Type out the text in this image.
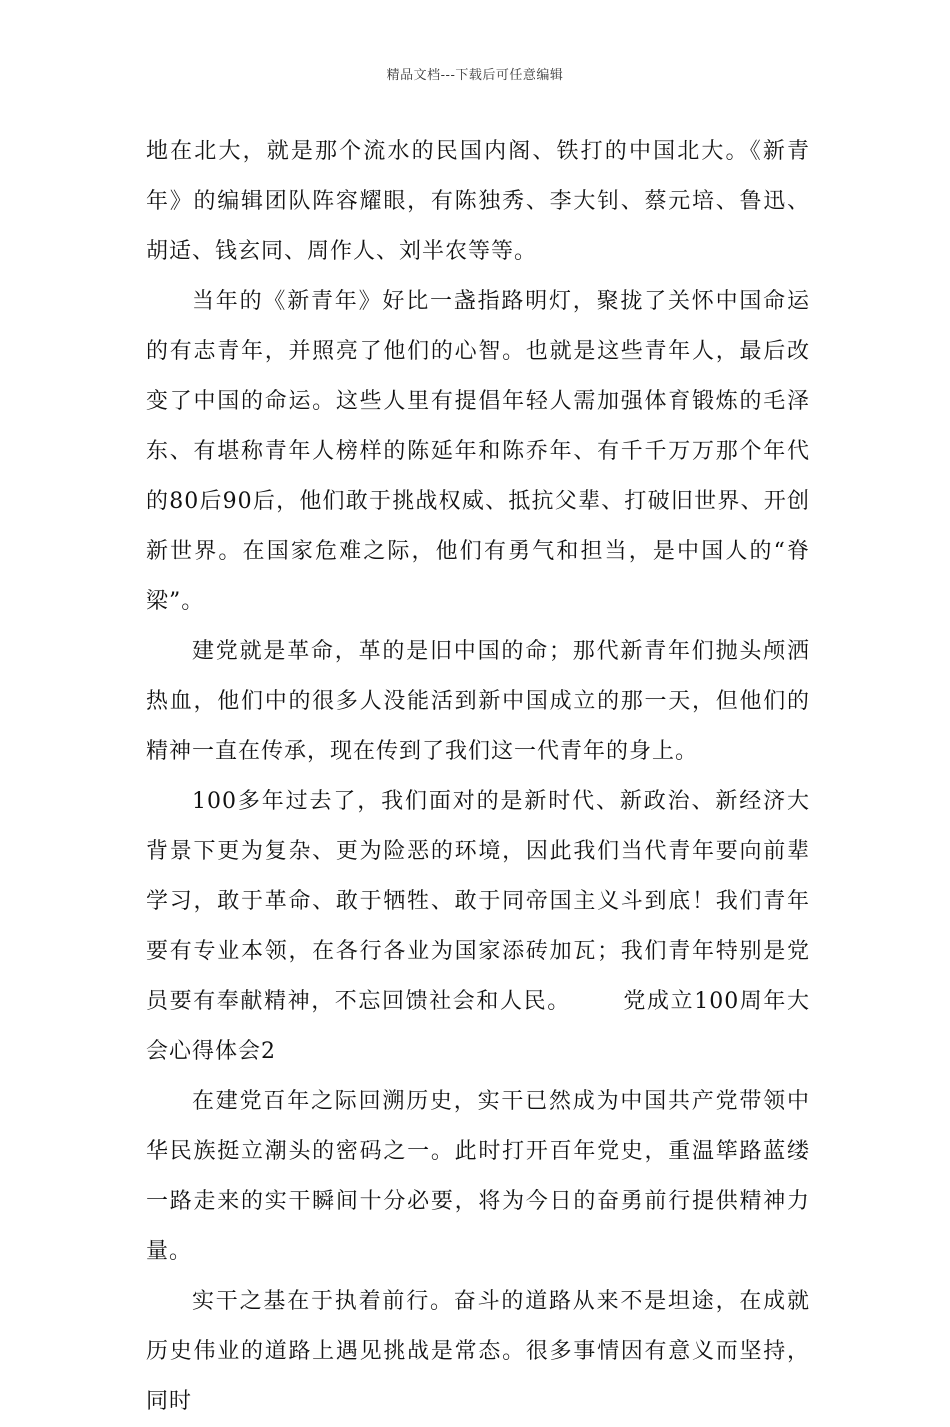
精品文档---下载后可任意编辑

地在北大，就是那个流水的民国内阁、铁打的中国北大。《新青年》的编辑团队阵容耀眼，有陈独秀、李大钊、蔡元培、鲁迅、胡适、钱玄同、周作人、刘半农等等。

当年的《新青年》好比一盏指路明灯，聚拢了关怀中国命运的有志青年，并照亮了他们的心智。也就是这些青年人，最后改变了中国的命运。这些人里有提倡年轻人需加强体育锻炼的毛泽东、有堪称青年人榜样的陈延年和陈乔年、有千千万万那个年代的80后90后，他们敢于挑战权威、抵抗父辈、打破旧世界、开创新世界。在国家危难之际，他们有勇气和担当，是中国人的“脊梁”。

建党就是革命，革的是旧中国的命；那代新青年们抛头颅洒热血，他们中的很多人没能活到新中国成立的那一天，但他们的精神一直在传承，现在传到了我们这一代青年的身上。

100多年过去了，我们面对的是新时代、新政治、新经济大背景下更为复杂、更为险恶的环境，因此我们当代青年要向前辈学习，敢于革命、敢于牺牲、敢于同帝国主义斗到底！我们青年要有专业本领，在各行各业为国家添砖加瓦；我们青年特别是党员要有奉献精神，不忘回馈社会和人民。 党成立100周年大会心得体会2

在建党百年之际回溯历史，实干已然成为中国共产党带领中华民族挺立潮头的密码之一。此时打开百年党史，重温筚路蓝缕一路走来的实干瞬间十分必要，将为今日的奋勇前行提供精神力量。

实干之基在于执着前行。奋斗的道路从来不是坦途，在成就历史伟业的道路上遇见挑战是常态。很多事情因有意义而坚持，同时
